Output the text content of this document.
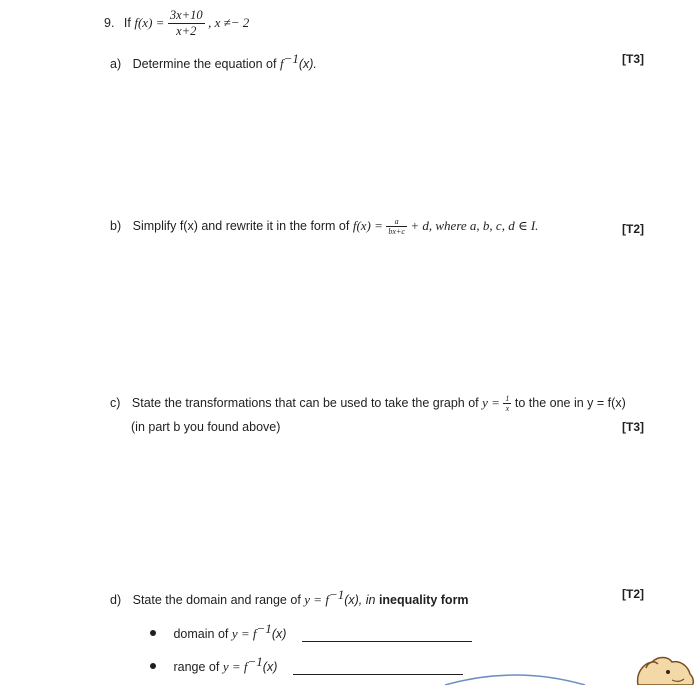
9. If $f(x) = \frac{3x+10}{x+2}$ , x ≠− 2
a) Determine the equation of $f^{-1}(x)$.	[T3]
b) Simplify f(x) and rewrite it in the form of $f(x) = \frac{a}{bx+c} + d$, where a, b, c, d ∈ I.	[T2]
c) State the transformations that can be used to take the graph of $y = \frac{1}{x}$ to the one in y = f(x)
(in part b you found above)	[T3]
d) State the domain and range of $y = f^{-1}(x)$, in inequality form	[T2]
domain of $y = f^{-1}(x)$
range of $y = f^{-1}(x)$
